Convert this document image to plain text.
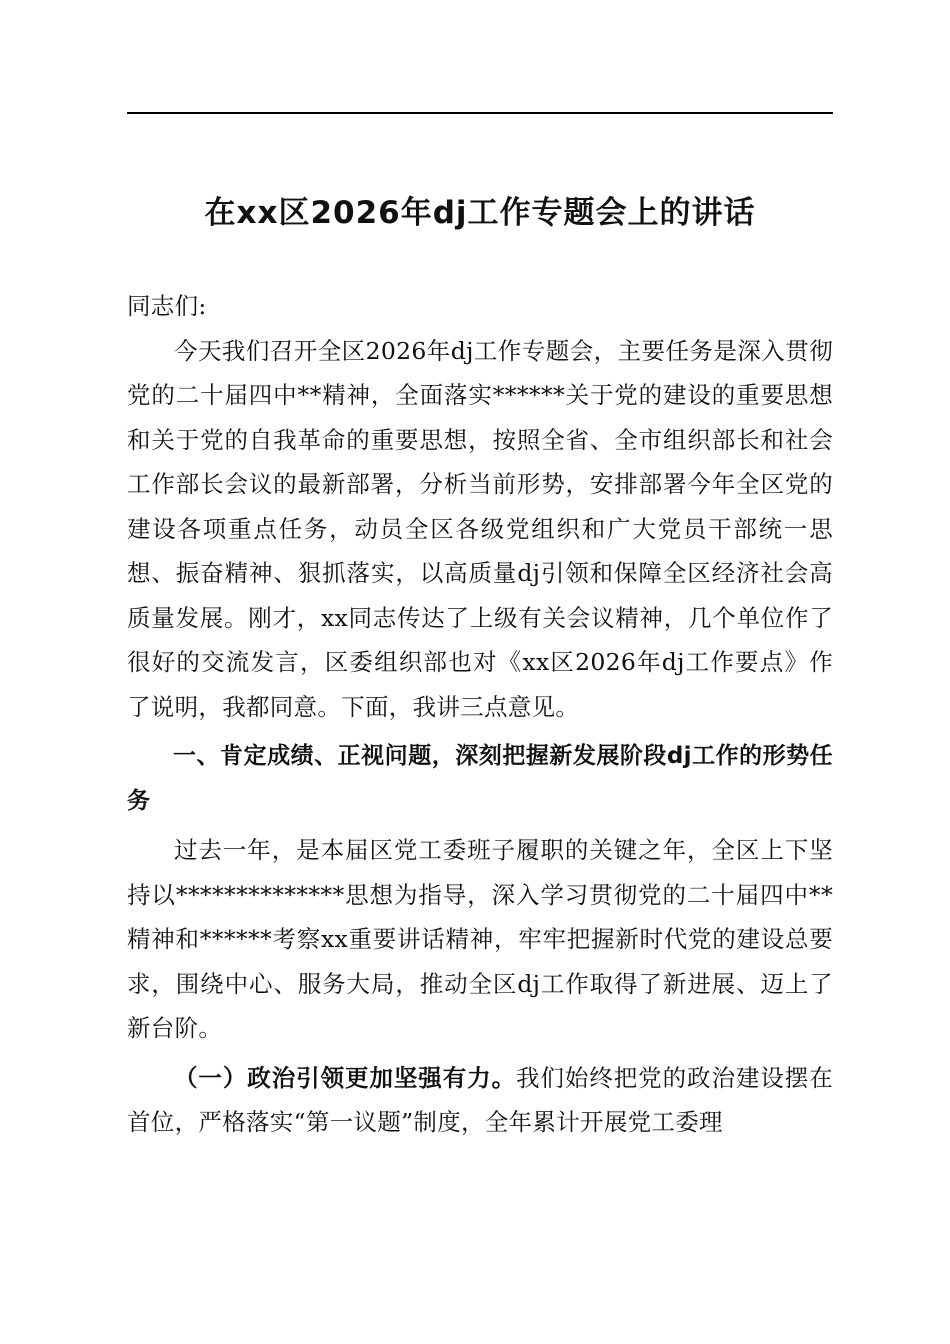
在xx区2026年dj工作专题会上的讲话

同志们:

今天我们召开全区2026年dj工作专题会，主要任务是深入贯彻党的二十届四中**精神，全面落实******关于党的建设的重要思想和关于党的自我革命的重要思想，按照全省、全市组织部长和社会工作部长会议的最新部署，分析当前形势，安排部署今年全区党的建设各项重点任务，动员全区各级党组织和广大党员干部统一思想、振奋精神、狠抓落实，以高质量dj引领和保障全区经济社会高质量发展。刚才，xx同志传达了上级有关会议精神，几个单位作了很好的交流发言，区委组织部也对《xx区2026年dj工作要点》作了说明，我都同意。下面，我讲三点意见。

一、肯定成绩、正视问题，深刻把握新发展阶段dj工作的形势任务

过去一年，是本届区党工委班子履职的关键之年，全区上下坚持以**************思想为指导，深入学习贯彻党的二十届四中**精神和******考察xx重要讲话精神，牢牢把握新时代党的建设总要求，围绕中心、服务大局，推动全区dj工作取得了新进展、迈上了新台阶。

（一）政治引领更加坚强有力。我们始终把党的政治建设摆在首位，严格落实“第一议题”制度，全年累计开展党工委理
